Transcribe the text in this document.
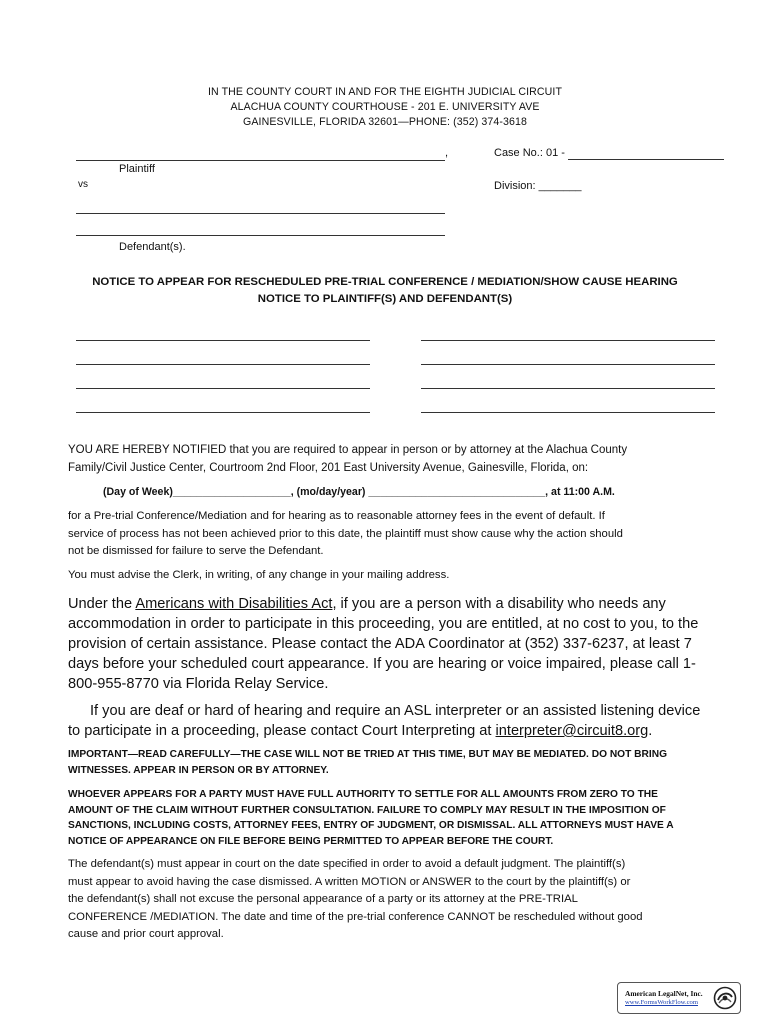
IN THE COUNTY COURT IN AND FOR THE EIGHTH JUDICIAL CIRCUIT
ALACHUA COUNTY COURTHOUSE - 201 E. UNIVERSITY AVE
GAINESVILLE, FLORIDA 32601—PHONE: (352) 374-3618
,
Plaintiff
vs
Defendant(s).
Case No.: 01 -
Division: _______
NOTICE TO APPEAR FOR RESCHEDULED PRE-TRIAL CONFERENCE / MEDIATION/SHOW CAUSE HEARING
NOTICE TO PLAINTIFF(S) AND DEFENDANT(S)
YOU ARE HEREBY NOTIFIED that you are required to appear in person or by attorney at the Alachua County
Family/Civil Justice Center, Courtroom 2nd Floor, 201 East University Avenue, Gainesville, Florida, on:
(Day of Week)____________________, (mo/day/year) ______________________________, at 11:00 A.M.
for a Pre-trial Conference/Mediation and for hearing as to reasonable attorney fees in the event of default. If
service of process has not been achieved prior to this date, the plaintiff must show cause why the action should
not be dismissed for failure to serve the Defendant.
You must advise the Clerk, in writing, of any change in your mailing address.
Under the Americans with Disabilities Act, if you are a person with a disability who needs any
accommodation in order to participate in this proceeding, you are entitled, at no cost to you, to the
provision of certain assistance. Please contact the ADA Coordinator at (352) 337-6237, at least 7
days before your scheduled court appearance. If you are hearing or voice impaired, please call 1-
800-955-8770 via Florida Relay Service.
If you are deaf or hard of hearing and require an ASL interpreter or an assisted listening device
to participate in a proceeding, please contact Court Interpreting at interpreter@circuit8.org.
IMPORTANT—READ CAREFULLY—THE CASE WILL NOT BE TRIED AT THIS TIME, BUT MAY BE MEDIATED. DO NOT BRING
WITNESSES. APPEAR IN PERSON OR BY ATTORNEY.
WHOEVER APPEARS FOR A PARTY MUST HAVE FULL AUTHORITY TO SETTLE FOR ALL AMOUNTS FROM ZERO TO THE
AMOUNT OF THE CLAIM WITHOUT FURTHER CONSULTATION. FAILURE TO COMPLY MAY RESULT IN THE IMPOSITION OF
SANCTIONS, INCLUDING COSTS, ATTORNEY FEES, ENTRY OF JUDGMENT, OR DISMISSAL. ALL ATTORNEYS MUST HAVE A
NOTICE OF APPEARANCE ON FILE BEFORE BEING PERMITTED TO APPEAR BEFORE THE COURT.
The defendant(s) must appear in court on the date specified in order to avoid a default judgment. The plaintiff(s)
must appear to avoid having the case dismissed. A written MOTION or ANSWER to the court by the plaintiff(s) or
the defendant(s) shall not excuse the personal appearance of a party or its attorney at the PRE-TRIAL
CONFERENCE /MEDIATION. The date and time of the pre-trial conference CANNOT be rescheduled without good
cause and prior court approval.
American LegalNet, Inc.
www.FormsWorkFlow.com
